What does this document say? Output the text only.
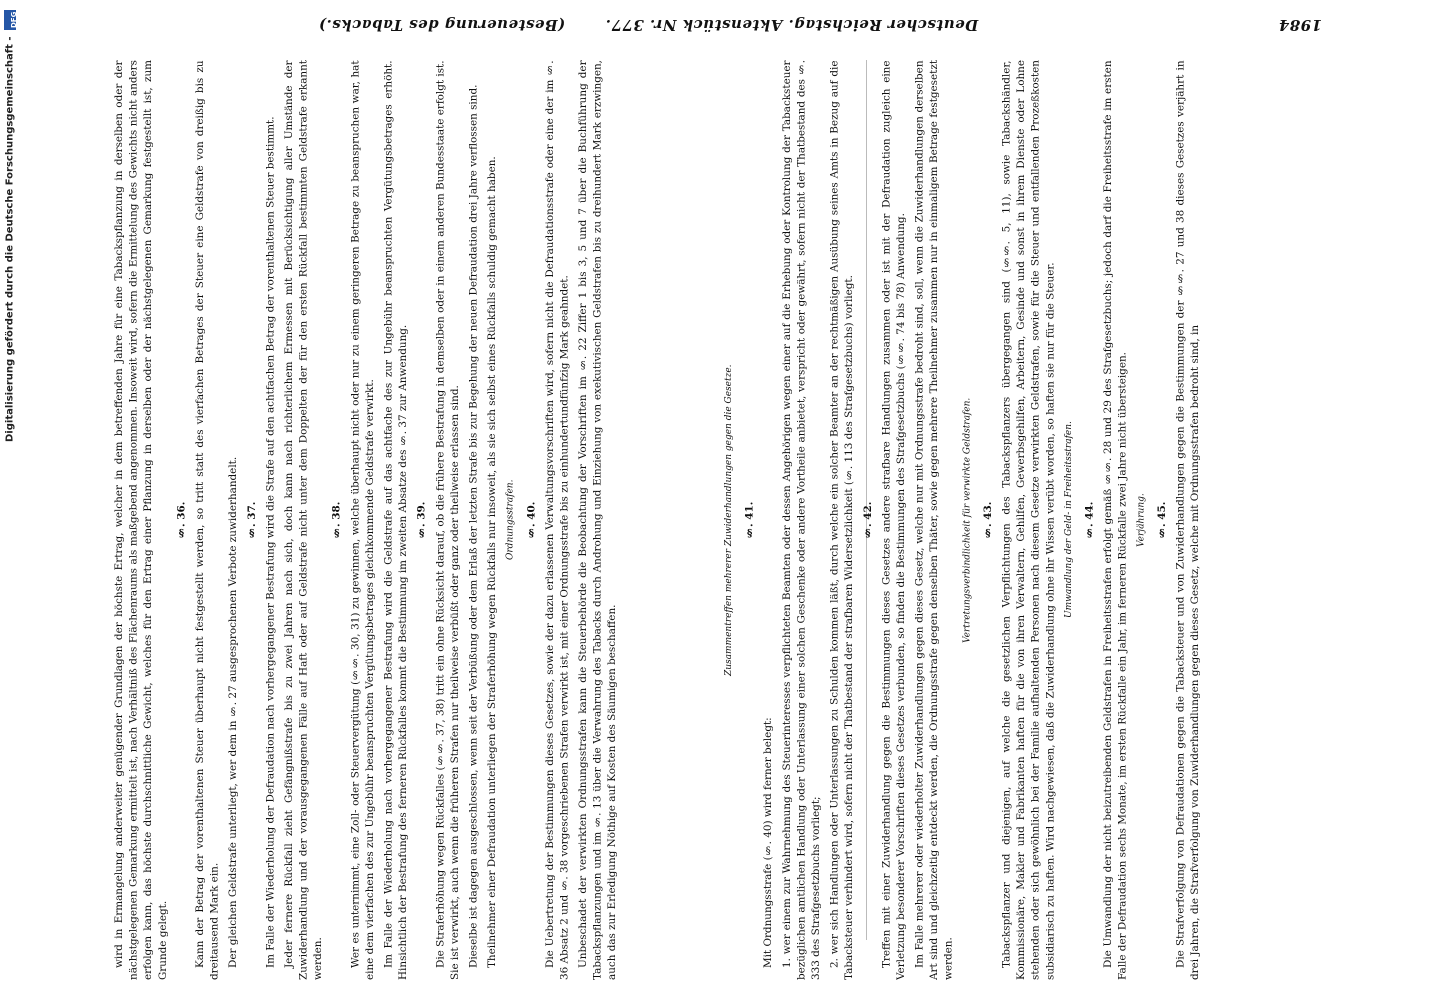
1984
Deutscher Reichstag. Aktenstück Nr. 377.
(Besteuerung des Tabacks.)

wird in Ermangelung anderweiter genügender Grundlagen der höchste Ertrag, welcher in dem betreffenden Jahre für eine Tabackspflanzung in derselben oder der nächstgelegenen Gemarkung ermittelt ist, nach Verhältniß des Flächenraums als maßgebend angenommen. Insoweit wird, sofern die Ermittelung des Gewichts nicht anders erfolgen kann, das höchste durchschnittliche Gewicht, welches für den Ertrag einer Pflanzung in derselben oder der nächstgelegenen Gemarkung festgestellt ist, zum Grunde gelegt.

§. 36. Kann der Betrag der vorenthaltenen Steuer überhaupt nicht festgestellt werden, so tritt statt des vierfachen Betrages der Steuer eine Geldstrafe von dreißig bis zu dreitausend Mark ein. Der gleichen Geldstrafe unterliegt, wer dem in §. 27 ausgesprochenen Verbote zuwiderhandelt. §. 37. Im Falle der Wiederholung der Defraudation nach vorhergegangener Bestrafung wird die Strafe auf den achtfachen Betrag der vorenthaltenen Steuer bestimmt. Jeder fernere Rückfall zieht Gefängnißstrafe bis zu zwei Jahren nach sich, doch kann nach richterlichem Ermessen mit Berücksichtigung aller Umstände der Zuwiderhandlung und der vorausgegangenen Fälle auf Haft oder auf Geldstrafe nicht unter dem Doppelten der für den ersten Rückfall bestimmten Geldstrafe erkannt werden.

§. 38. Wer es unternimmt, eine Zoll- oder Steuervergütung (§§. 30, 31) zu gewinnen, welche überhaupt nicht oder nur zu einem geringeren Betrage zu beanspruchen war, hat eine dem vierfachen des zur Ungebühr beanspruchten Vergütungsbetrages gleichkommende Geldstrafe verwirkt. Im Falle der Wiederholung nach vorhergegangener Bestrafung wird die Geldstrafe auf das achtfache des zur Ungebühr beanspruchten Vergütungsbetrages erhöht. Hinsichtlich der Bestrafung des ferneren Rückfalles kommt die Bestimmung im zweiten Absatze des §. 37 zur Anwendung. §. 39. Die Straferhöhung wegen Rückfalles (§§. 37, 38) tritt ein ohne Rücksicht darauf, ob die frühere Bestrafung in demselben oder in einem anderen Bundesstaate erfolgt ist. Sie ist verwirkt, auch wenn die früheren Strafen nur theilweise verbüßt oder ganz oder theilweise erlassen sind. Dieselbe ist dagegen ausgeschlossen, wenn seit der Verbüßung oder dem Erlaß der letzten Strafe bis zur Begehung der neuen Defraudation drei Jahre verflossen sind. Theilnehmer einer Defraudation unterliegen der Straferhöhung wegen Rückfalls nur insoweit, als sie sich selbst eines Rückfalls schuldig gemacht haben. Ordnungsstrafen. §. 40. Die Uebertretung der Bestimmungen dieses Gesetzes, sowie der dazu erlassenen Verwaltungsvorschriften wird, sofern nicht die Defraudationsstrafe oder eine der im §. 36 Absatz 2 und §. 38 vorgeschriebenen Strafen verwirkt ist, mit einer Ordnungsstrafe bis zu einhundertundfünfzig Mark geahndet. Unbeschadet der verwirkten Ordnungsstrafen kann die Steuerbehörde die Beobachtung der Vorschriften im §. 22 Ziffer 1 bis 3, 5 und 7 über die Buchführung der Tabackspflanzungen und im §. 13 über die Verwahrung des Tabacks durch Androhung und Einziehung von exekutivischen Geldstrafen bis zu dreihundert Mark erzwingen, auch das zur Erledigung Nöthige auf Kosten des Säumigen beschaffen.

Zusammentreffen mehrerer Zuwiderhandlungen gegen die Gesetze. §. 41.

Mit Ordnungsstrafe (§. 40) wird ferner belegt: 1. wer einem zur Wahrnehmung des Steuerinteresses verpflichteten Beamten oder dessen Angehörigen wegen einer auf die Erhebung oder Kontrolung der Tabacksteuer bezüglichen amtlichen Handlung oder Unterlassung einer solchen Geschenke oder andere Vortheile anbietet, verspricht oder gewährt, sofern nicht der Thatbestand des §. 333 des Strafgesetzbuchs vorliegt; 2. wer sich Handlungen oder Unterlassungen zu Schulden kommen läßt, durch welche ein solcher Beamter an der rechtmäßigen Ausübung seines Amts in Bezug auf die Tabacksteuer verhindert wird, sofern nicht der Thatbestand der strafbaren Widersetzlichkeit (§. 113 des Strafgesetzbuchs) vorliegt. §. 42. Treffen mit einer Zuwiderhandlung gegen die Bestimmungen dieses Gesetzes andere strafbare Handlungen zusammen oder ist mit der Defraudation zugleich eine Verletzung besonderer Vorschriften dieses Gesetzes verbunden, so finden die Bestimmungen des Strafgesetzbuchs (§§. 74 bis 78) Anwendung. Im Falle mehrerer oder wiederholter Zuwiderhandlungen gegen dieses Gesetz, welche nur mit Ordnungsstrafe bedroht sind, soll, wenn die Zuwiderhandlungen derselben Art sind und gleichzeitig entdeckt werden, die Ordnungsstrafe gegen denselben Thäter, sowie gegen mehrere Theilnehmer zusammen nur in einmaligem Betrage festgesetzt werden.

Vertretungsverbindlichkeit für verwirkte Geldstrafen. §. 43. Tabackspflanzer und diejenigen, auf welche die gesetzlichen Verpflichtungen des Tabackspflanzers übergegangen sind (§§. 5, 11), sowie Tabackshändler, Kommissionäre, Makler und Fabrikanten haften für die von ihren Verwaltern, Gehilfen, Gewerbsgehilfen, Arbeitern, Gesinde und sonst in ihrem Dienste oder Lohne stehenden oder sich gewöhnlich bei der Familie aufhaltenden Personen nach diesem Gesetze verwirkten Geldstrafen, sowie für die Steuer und entfallenden Prozeßkosten subsidiarisch zu haften. Wird nachgewiesen, daß die Zuwiderhandlung ohne ihr Wissen verübt worden, so haften sie nur für die Steuer. Umwandlung der Geld- in Freiheitsstrafen. §. 44. Die Umwandlung der nicht beizutreibenden Geldstrafen in Freiheitsstrafen erfolgt gemäß §§. 28 und 29 des Strafgesetzbuchs; jedoch darf die Freiheitsstrafe im ersten Falle der Defraudation sechs Monate, im ersten Rückfalle ein Jahr, im ferneren Rückfalle zwei Jahre nicht übersteigen. Verjährung. §. 45. Die Strafverfolgung von Defraudationen gegen die Tabacksteuer und von Zuwiderhandlungen gegen die Bestimmungen der §§. 27 und 38 dieses Gesetzes verjährt in drei Jahren, die Strafverfolgung von Zuwiderhandlungen gegen dieses Gesetz, welche mit Ordnungsstrafen bedroht sind, in

Digitalisierung gefördert durch die Deutsche Forschungsgemeinschaft -
DFG
